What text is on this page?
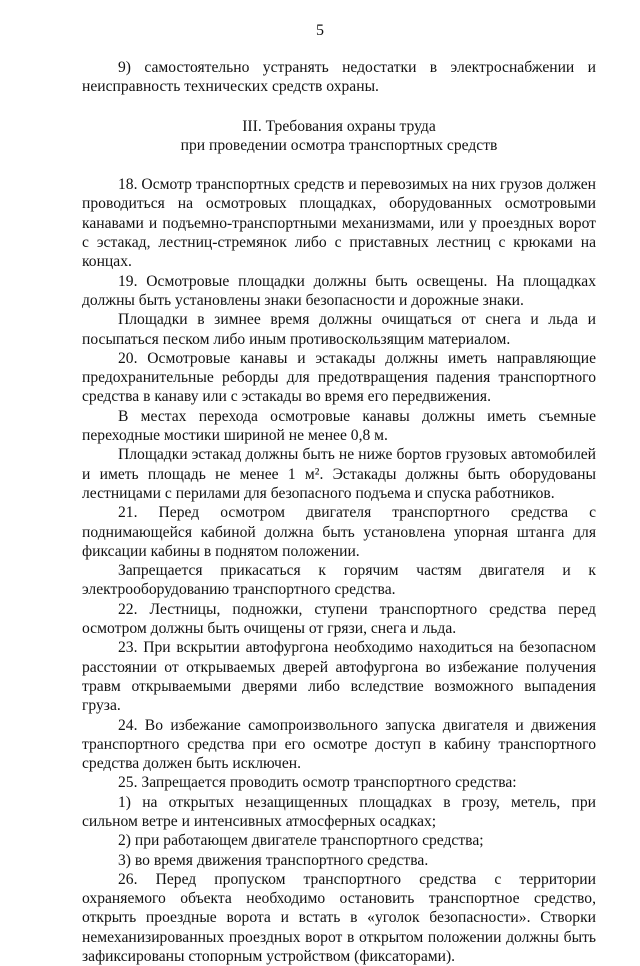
5

9) самостоятельно устранять недостатки в электроснабжении и неисправность технических средств охраны.

III. Требования охраны труда
при проведении осмотра транспортных средств

18. Осмотр транспортных средств и перевозимых на них грузов должен проводиться на осмотровых площадках, оборудованных осмотровыми канавами и подъемно-транспортными механизмами, или у проездных ворот с эстакад, лестниц-стремянок либо с приставных лестниц с крюками на концах.

19. Осмотровые площадки должны быть освещены. На площадках должны быть установлены знаки безопасности и дорожные знаки.

Площадки в зимнее время должны очищаться от снега и льда и посыпаться песком либо иным противоскользящим материалом.

20. Осмотровые канавы и эстакады должны иметь направляющие предохранительные реборды для предотвращения падения транспортного средства в канаву или с эстакады во время его передвижения.

В местах перехода осмотровые канавы должны иметь съемные переходные мостики шириной не менее 0,8 м.

Площадки эстакад должны быть не ниже бортов грузовых автомобилей и иметь площадь не менее 1 м². Эстакады должны быть оборудованы лестницами с перилами для безопасного подъема и спуска работников.

21. Перед осмотром двигателя транспортного средства с поднимающейся кабиной должна быть установлена упорная штанга для фиксации кабины в поднятом положении.

Запрещается прикасаться к горячим частям двигателя и к электрооборудованию транспортного средства.

22. Лестницы, подножки, ступени транспортного средства перед осмотром должны быть очищены от грязи, снега и льда.

23. При вскрытии автофургона необходимо находиться на безопасном расстоянии от открываемых дверей автофургона во избежание получения травм открываемыми дверями либо вследствие возможного выпадения груза.

24. Во избежание самопроизвольного запуска двигателя и движения транспортного средства при его осмотре доступ в кабину транспортного средства должен быть исключен.

25. Запрещается проводить осмотр транспортного средства:

1) на открытых незащищенных площадках в грозу, метель, при сильном ветре и интенсивных атмосферных осадках;

2) при работающем двигателе транспортного средства;

3) во время движения транспортного средства.

26. Перед пропуском транспортного средства с территории охраняемого объекта необходимо остановить транспортное средство, открыть проездные ворота и встать в «уголок безопасности». Створки немеханизированных проездных ворот в открытом положении должны быть зафиксированы стопорным устройством (фиксаторами).
